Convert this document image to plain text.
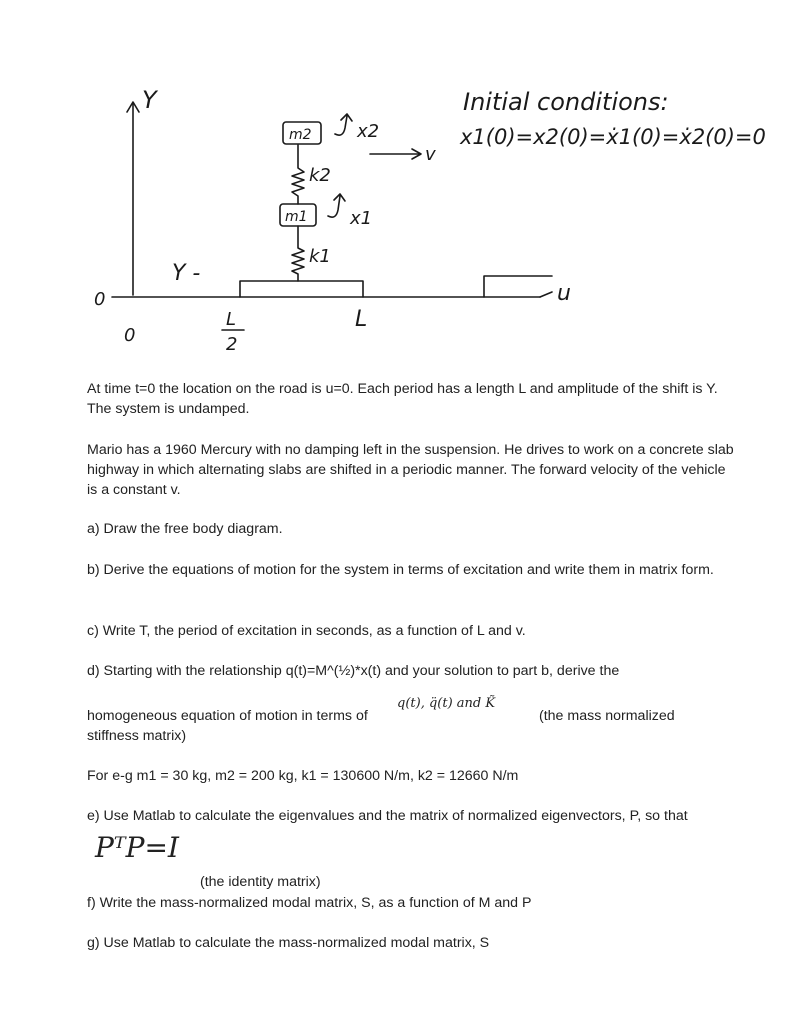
Y
u
0
0
Y -
L
2
L
k1
m1 x1
k2
m2	x2
v
Initial conditions:
x1(0)=x2(0)=ẋ1(0)=ẋ2(0)=0

At time t=0 the location on the road is u=0. Each period has a length L and amplitude of the shift is Y. The system is undamped.

Mario has a 1960 Mercury with no damping left in the suspension. He drives to work on a concrete slab highway in which alternating slabs are shifted in a periodic manner. The forward velocity of the vehicle is a constant v.

a) Draw the free body diagram.

b) Derive the equations of motion for the system in terms of excitation and write them in matrix form.

c) Write T, the period of excitation in seconds, as a function of L and v.

d) Starting with the relationship q(t)=M^(½)*x(t) and your solution to part b, derive the

homogeneous equation of motion in terms of
q(t), q̈(t) and K̃
(the mass normalized

stiffness matrix)

For e-g m1 = 30 kg, m2 = 200 kg, k1 = 130600 N/m, k2 = 12660 N/m

e) Use Matlab to calculate the eigenvalues and the matrix of normalized eigenvectors, P, so that

PᵀP=I
(the identity matrix)

f) Write the mass-normalized modal matrix, S, as a function of M and P

g) Use Matlab to calculate the mass-normalized modal matrix, S
